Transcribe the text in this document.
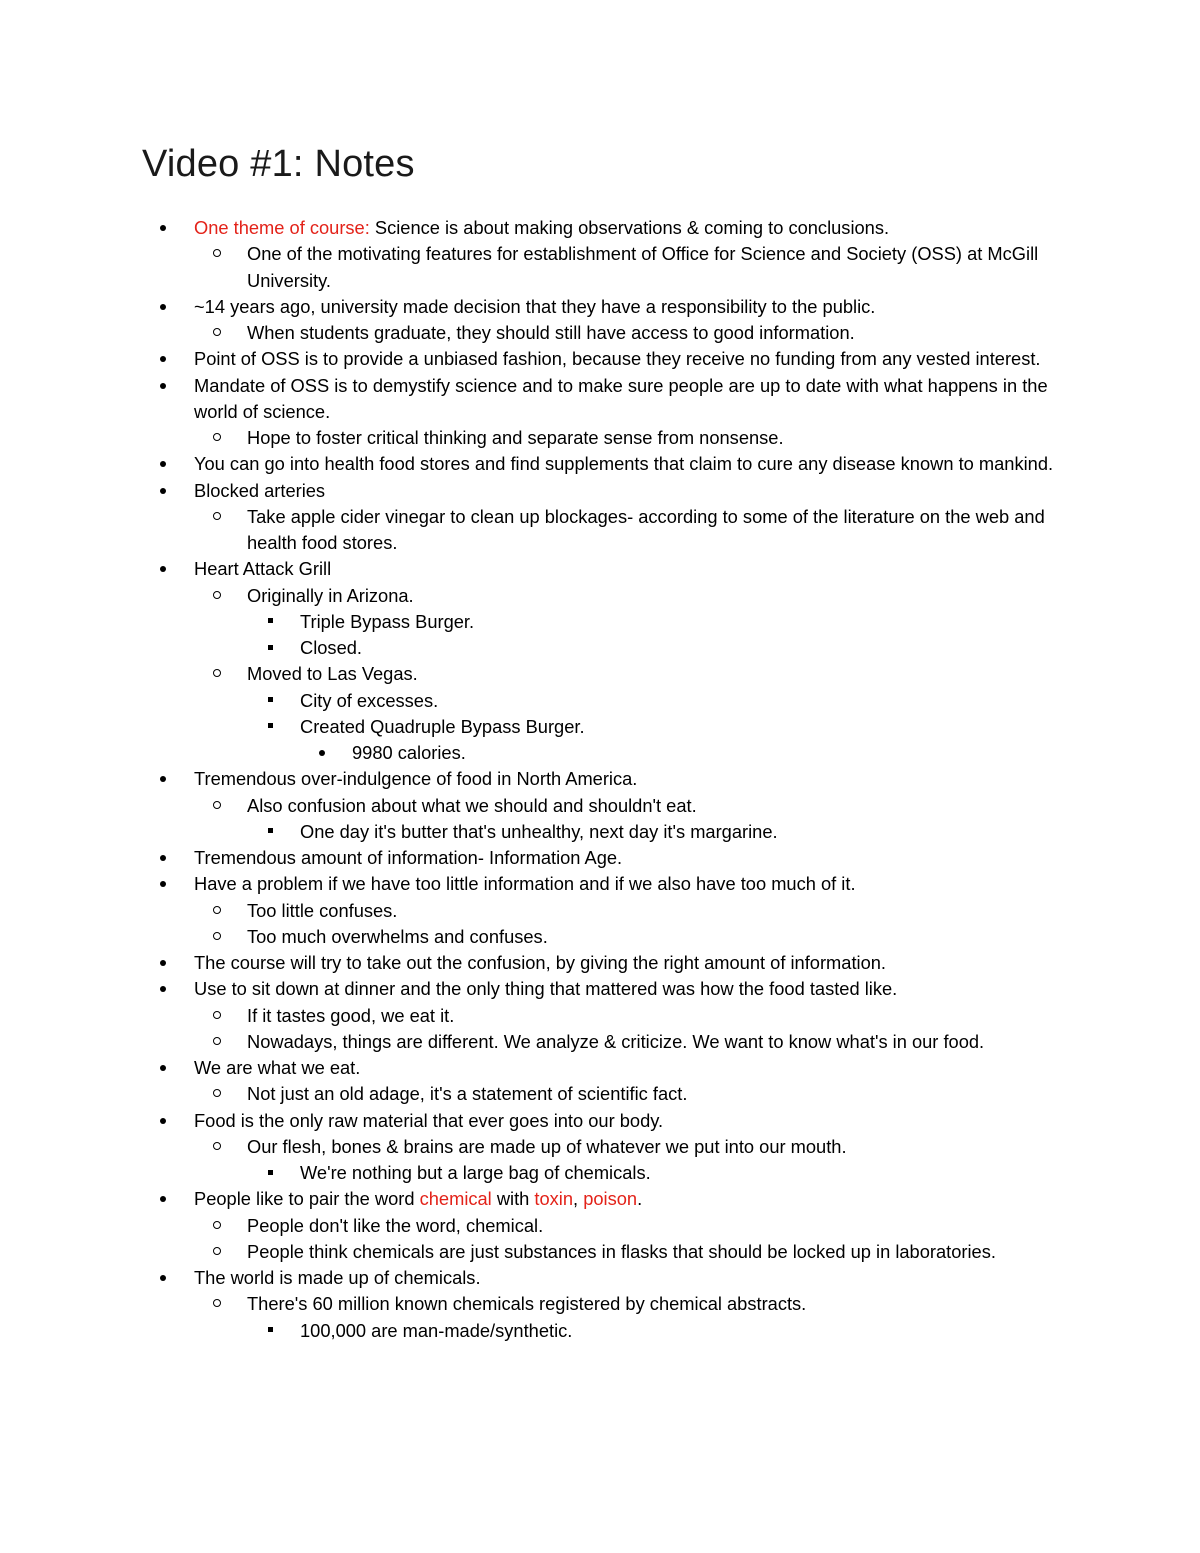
Video #1: Notes
One theme of course: Science is about making observations & coming to conclusions.
One of the motivating features for establishment of Office for Science and Society (OSS) at McGill University.
~14 years ago, university made decision that they have a responsibility to the public.
When students graduate, they should still have access to good information.
Point of OSS is to provide a unbiased fashion, because they receive no funding from any vested interest.
Mandate of OSS is to demystify science and to make sure people are up to date with what happens in the world of science.
Hope to foster critical thinking and separate sense from nonsense.
You can go into health food stores and find supplements that claim to cure any disease known to mankind.
Blocked arteries
Take apple cider vinegar to clean up blockages- according to some of the literature on the web and health food stores.
Heart Attack Grill
Originally in Arizona.
Triple Bypass Burger.
Closed.
Moved to Las Vegas.
City of excesses.
Created Quadruple Bypass Burger.
9980 calories.
Tremendous over-indulgence of food in North America.
Also confusion about what we should and shouldn't eat.
One day it's butter that's unhealthy, next day it's margarine.
Tremendous amount of information- Information Age.
Have a problem if we have too little information and if we also have too much of it.
Too little confuses.
Too much overwhelms and confuses.
The course will try to take out the confusion, by giving the right amount of information.
Use to sit down at dinner and the only thing that mattered was how the food tasted like.
If it tastes good, we eat it.
Nowadays, things are different. We analyze & criticize. We want to know what's in our food.
We are what we eat.
Not just an old adage, it's a statement of scientific fact.
Food is the only raw material that ever goes into our body.
Our flesh, bones & brains are made up of whatever we put into our mouth.
We're nothing but a large bag of chemicals.
People like to pair the word chemical with toxin, poison.
People don't like the word, chemical.
People think chemicals are just substances in flasks that should be locked up in laboratories.
The world is made up of chemicals.
There's 60 million known chemicals registered by chemical abstracts.
100,000 are man-made/synthetic.
